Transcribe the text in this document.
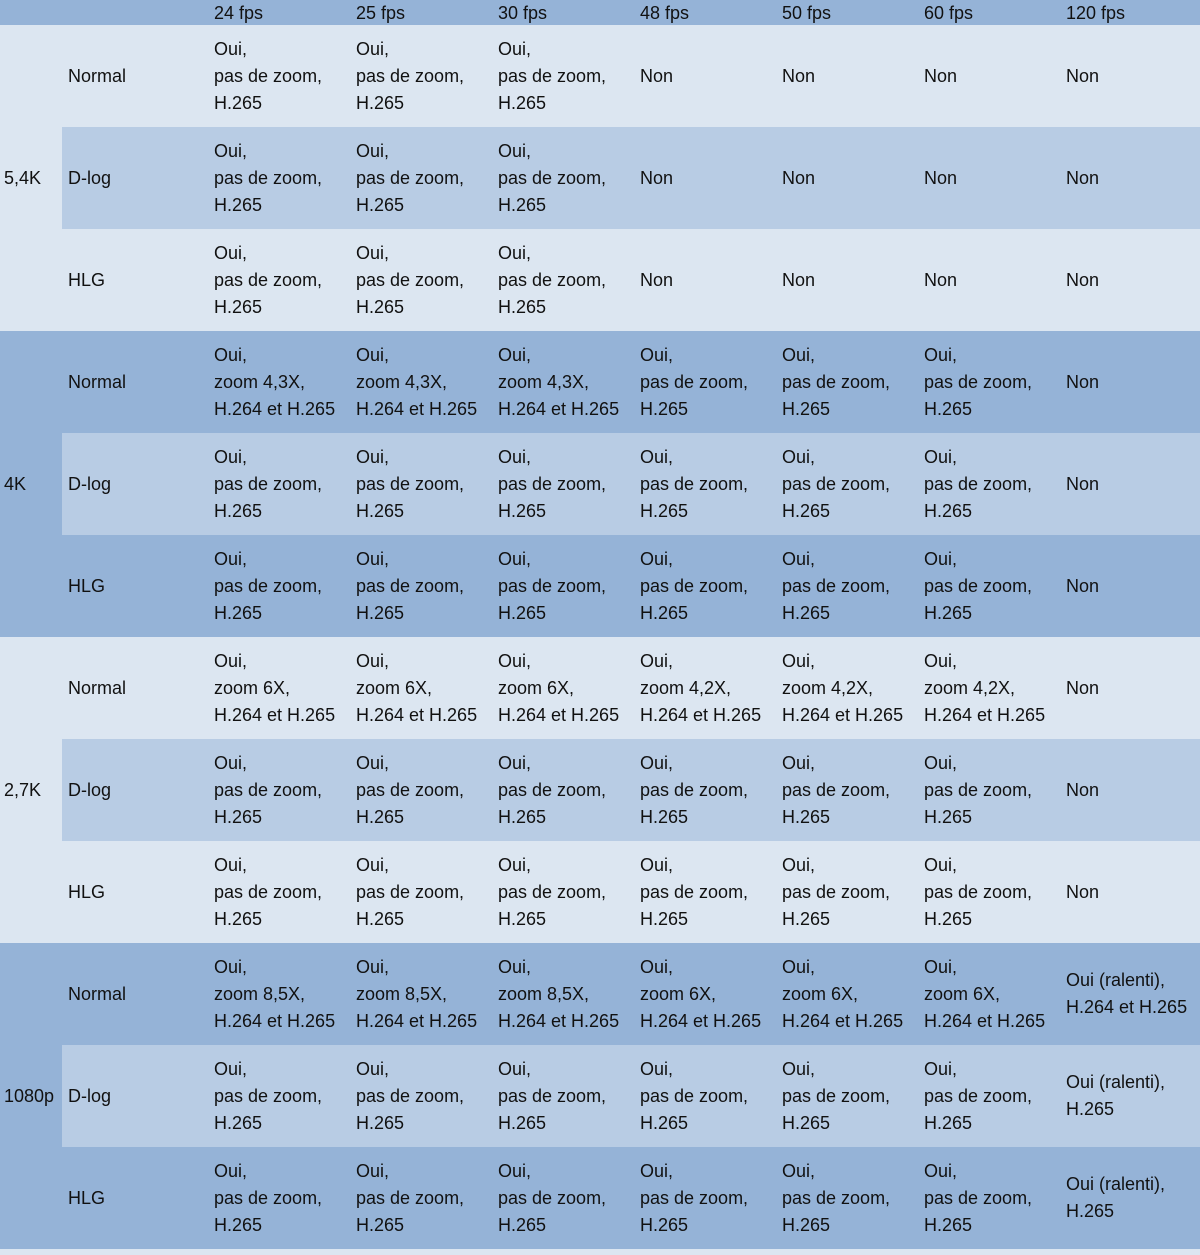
		24 fps	25 fps	30 fps	48 fps	50 fps	60 fps	120 fps

5,4K	Normal	Oui,
pas de zoom,
H.265	Oui,
pas de zoom,
H.265	Oui,
pas de zoom,
H.265	Non	Non	Non	Non

	D-log	Oui,
pas de zoom,
H.265	Oui,
pas de zoom,
H.265	Oui,
pas de zoom,
H.265	Non	Non	Non	Non

	HLG	Oui,
pas de zoom,
H.265	Oui,
pas de zoom,
H.265	Oui,
pas de zoom,
H.265	Non	Non	Non	Non

4K	Normal	Oui,
zoom 4,3X,
H.264 et H.265	Oui,
zoom 4,3X,
H.264 et H.265	Oui,
zoom 4,3X,
H.264 et H.265	Oui,
pas de zoom,
H.265	Oui,
pas de zoom,
H.265	Oui,
pas de zoom,
H.265	Non

	D-log	Oui,
pas de zoom,
H.265	Oui,
pas de zoom,
H.265	Oui,
pas de zoom,
H.265	Oui,
pas de zoom,
H.265	Oui,
pas de zoom,
H.265	Oui,
pas de zoom,
H.265	Non

	HLG	Oui,
pas de zoom,
H.265	Oui,
pas de zoom,
H.265	Oui,
pas de zoom,
H.265	Oui,
pas de zoom,
H.265	Oui,
pas de zoom,
H.265	Oui,
pas de zoom,
H.265	Non

2,7K	Normal	Oui,
zoom 6X,
H.264 et H.265	Oui,
zoom 6X,
H.264 et H.265	Oui,
zoom 6X,
H.264 et H.265	Oui,
zoom 4,2X,
H.264 et H.265	Oui,
zoom 4,2X,
H.264 et H.265	Oui,
zoom 4,2X,
H.264 et H.265	Non

	D-log	Oui,
pas de zoom,
H.265	Oui,
pas de zoom,
H.265	Oui,
pas de zoom,
H.265	Oui,
pas de zoom,
H.265	Oui,
pas de zoom,
H.265	Oui,
pas de zoom,
H.265	Non

	HLG	Oui,
pas de zoom,
H.265	Oui,
pas de zoom,
H.265	Oui,
pas de zoom,
H.265	Oui,
pas de zoom,
H.265	Oui,
pas de zoom,
H.265	Oui,
pas de zoom,
H.265	Non

1080p	Normal	Oui,
zoom 8,5X,
H.264 et H.265	Oui,
zoom 8,5X,
H.264 et H.265	Oui,
zoom 8,5X,
H.264 et H.265	Oui,
zoom 6X,
H.264 et H.265	Oui,
zoom 6X,
H.264 et H.265	Oui,
zoom 6X,
H.264 et H.265	Oui (ralenti),
H.264 et H.265

	D-log	Oui,
pas de zoom,
H.265	Oui,
pas de zoom,
H.265	Oui,
pas de zoom,
H.265	Oui,
pas de zoom,
H.265	Oui,
pas de zoom,
H.265	Oui,
pas de zoom,
H.265	Oui (ralenti),
H.265

	HLG	Oui,
pas de zoom,
H.265	Oui,
pas de zoom,
H.265	Oui,
pas de zoom,
H.265	Oui,
pas de zoom,
H.265	Oui,
pas de zoom,
H.265	Oui,
pas de zoom,
H.265	Oui (ralenti),
H.265
